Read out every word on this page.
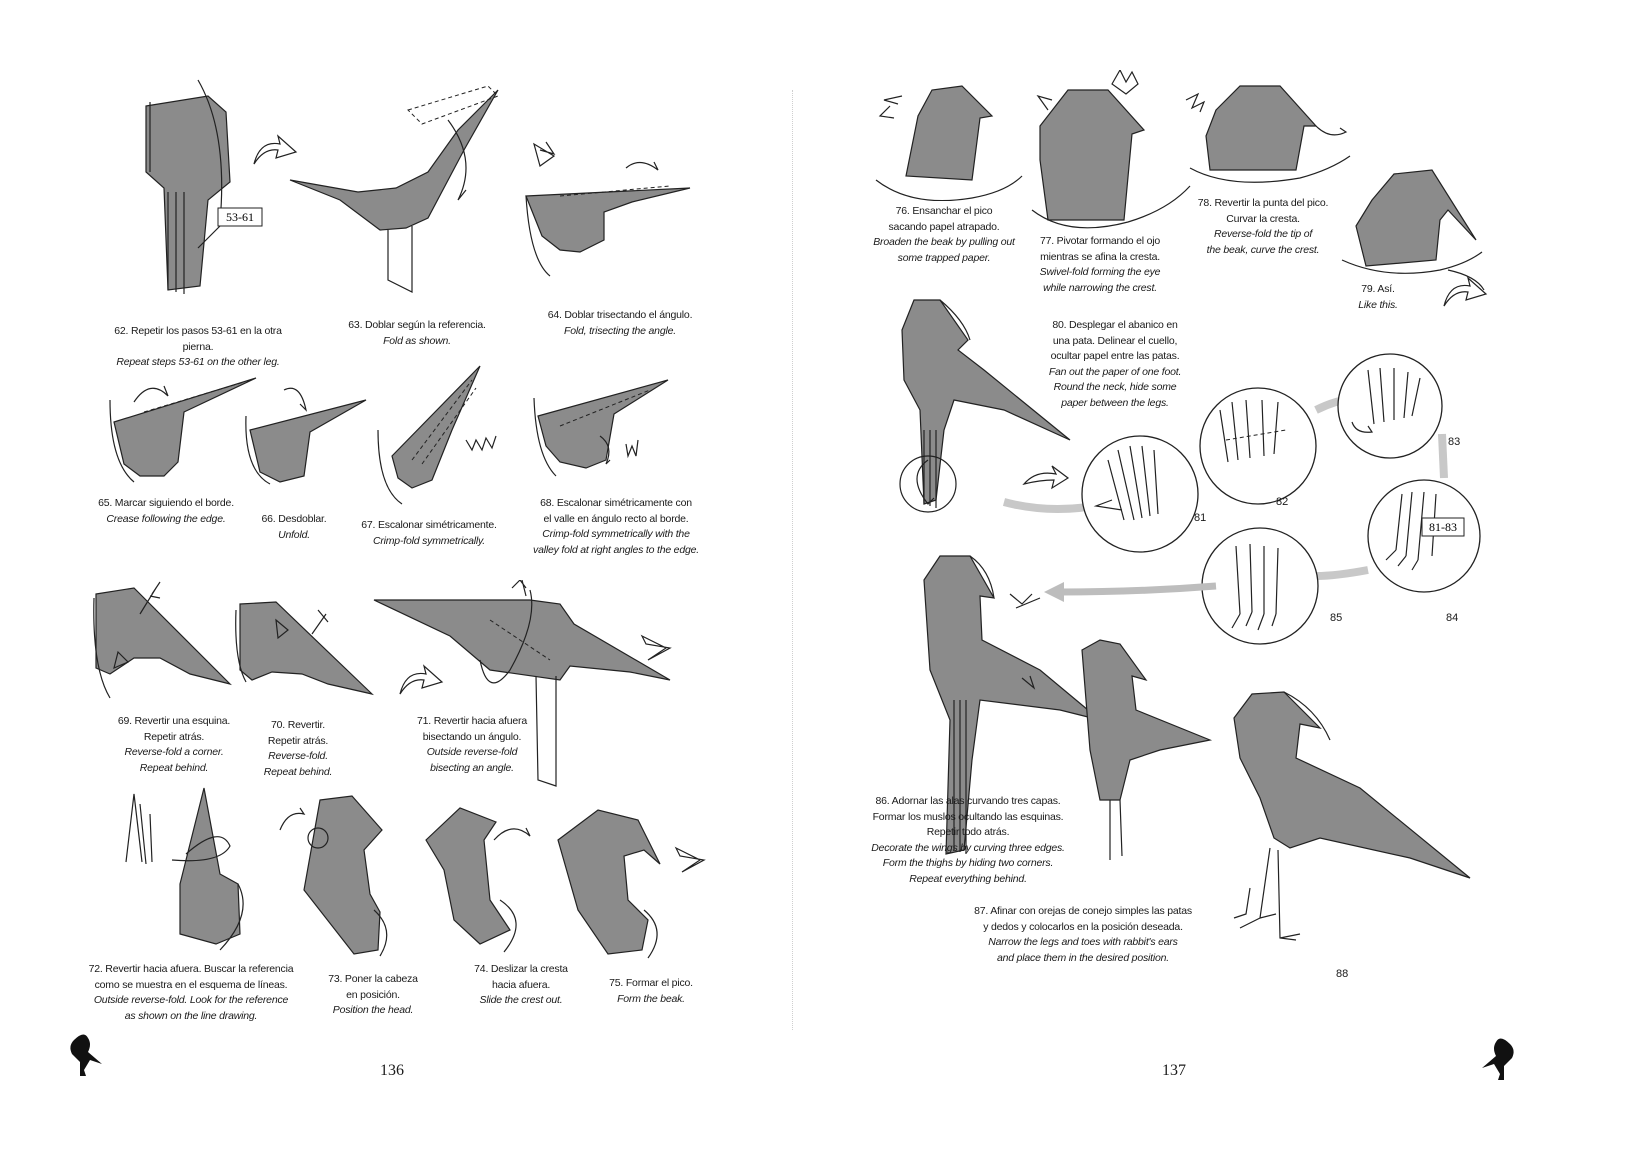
53-61
62. Repetir los pasos 53-61 en la otra pierna.
Repeat steps 53-61 on the other leg.
63. Doblar según la referencia.
Fold as shown.
64. Doblar trisectando el ángulo.
Fold, trisecting the angle.
65. Marcar siguiendo el borde.
Crease following the edge.	66. Desdoblar.
Unfold.
67. Escalonar simétricamente.
Crimp-fold symmetrically.
68. Escalonar simétricamente con
el valle en ángulo recto al borde.
Crimp-fold symmetrically with the
valley fold at right angles to the edge.
69. Revertir una esquina.
Repetir atrás.
Reverse-fold a corner.
Repeat behind.
70. Revertir.
Repetir atrás.
Reverse-fold.
Repeat behind.
71. Revertir hacia afuera
bisectando un ángulo.
Outside reverse-fold
bisecting an angle.
72. Revertir hacia afuera. Buscar la referencia
como se muestra en el esquema de líneas.
Outside reverse-fold. Look for the reference
as shown on the line drawing.
73. Poner la cabeza
en posición.
Position the head.
74. Deslizar la cresta
hacia afuera.
Slide the crest out.
75. Formar el pico.
Form the beak.
136
76. Ensanchar el pico
sacando papel atrapado.
Broaden the beak by pulling out
some trapped paper.
77. Pivotar formando el ojo
mientras se afina la cresta.
Swivel-fold forming the eye
while narrowing the crest.
78. Revertir la punta del pico.
Curvar la cresta.
Reverse-fold the tip of
the beak, curve the crest.
79. Así.
Like this.
80. Desplegar el abanico en
una pata. Delinear el cuello,
ocultar papel entre las patas.
Fan out the paper of one foot.
Round the neck, hide some
paper between the legs.
81-83
81
82
83
84
85
86. Adornar las alas curvando tres capas.
Formar los muslos ocultando las esquinas.
Repetir todo atrás.
Decorate the wings by curving three edges.
Form the thighs by hiding two corners.
Repeat everything behind.
88
87. Afinar con orejas de conejo simples las patas
y dedos y colocarlos en la posición deseada.
Narrow the legs and toes with rabbit's ears
and place them in the desired position.
137
